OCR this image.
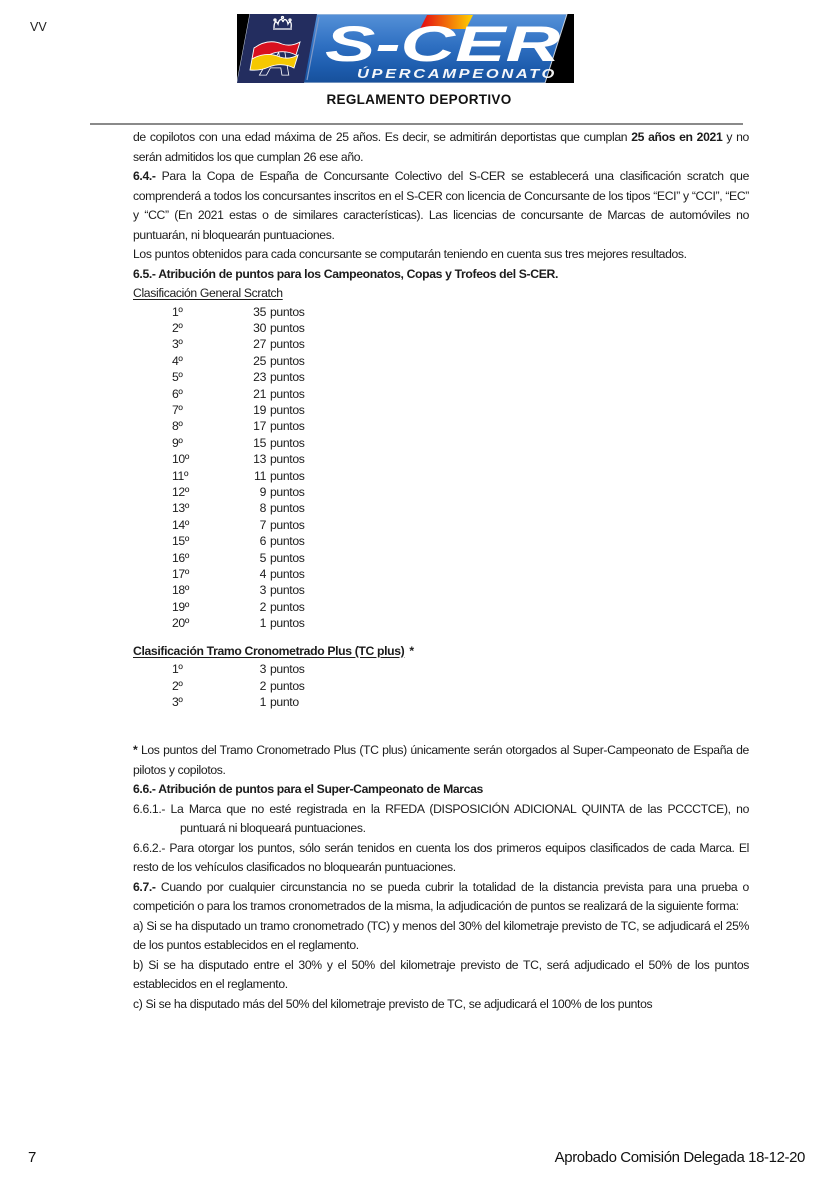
VV	S-CER
ÚPERCAMPEONATO
REGLAMENTO DEPORTIVO

de copilotos con una edad máxima de 25 años. Es decir, se admitirán deportistas que cumplan 25 años en 2021 y no serán admitidos los que cumplan 26 ese año.

6.4.- Para la Copa de España de Concursante Colectivo del S-CER se establecerá una clasificación scratch que comprenderá a todos los concursantes inscritos en el S-CER con licencia de Concursante de los tipos “ECI” y “CCI”, “EC” y “CC” (En 2021 estas o de similares características). Las licencias de concursante de Marcas de automóviles no puntuarán, ni bloquearán puntuaciones.

Los puntos obtenidos para cada concursante se computarán teniendo en cuenta sus tres mejores resultados.

6.5.- Atribución de puntos para los Campeonatos, Copas y Trofeos del S-CER.

Clasificación General Scratch

1º	35 puntos
2º	30 puntos
3º	27 puntos
4º	25 puntos
5º	23 puntos
6º	21 puntos
7º	19 puntos
8º	17 puntos
9º	15 puntos
10º	13 puntos
11º	11 puntos
12º	9 puntos
13º	8 puntos
14º	7 puntos
15º	6 puntos
16º	5 puntos
17º	4 puntos
18º	3 puntos
19º	2 puntos
20º	1 puntos

Clasificación Tramo Cronometrado Plus (TC plus) *

1º	3 puntos
2º	2 puntos
3º	1 punto

* Los puntos del Tramo Cronometrado Plus (TC plus) únicamente serán otorgados al Super-Campeonato de España de pilotos y copilotos.

6.6.- Atribución de puntos para el Super-Campeonato de Marcas

6.6.1.- La Marca que no esté registrada en la RFEDA (DISPOSICIÓN ADICIONAL QUINTA de las PCCCTCE), no puntuará ni bloqueará puntuaciones.

6.6.2.- Para otorgar los puntos, sólo serán tenidos en cuenta los dos primeros equipos clasificados de cada Marca. El resto de los vehículos clasificados no bloquearán puntuaciones.

6.7.- Cuando por cualquier circunstancia no se pueda cubrir la totalidad de la distancia prevista para una prueba o competición o para los tramos cronometrados de la misma, la adjudicación de puntos se realizará de la siguiente forma:

a) Si se ha disputado un tramo cronometrado (TC) y menos del 30% del kilometraje previsto de TC, se adjudicará el 25% de los puntos establecidos en el reglamento.

b) Si se ha disputado entre el 30% y el 50% del kilometraje previsto de TC, será adjudicado el 50% de los puntos establecidos en el reglamento.

c) Si se ha disputado más del 50% del kilometraje previsto de TC, se adjudicará el 100% de los puntos

7	Aprobado Comisión Delegada 18-12-20
